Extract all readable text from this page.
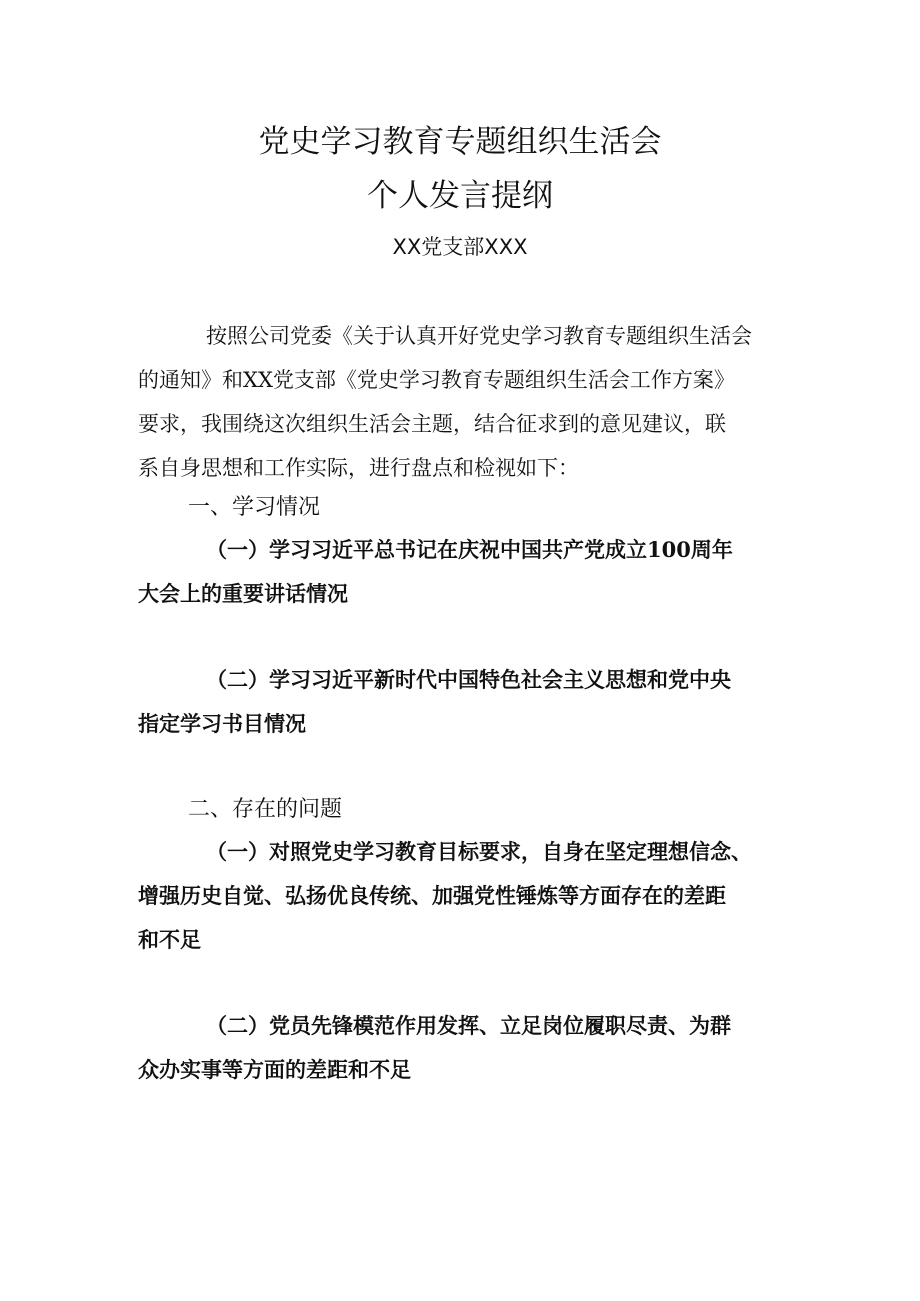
党史学习教育专题组织生活会
个人发言提纲
XX党支部XXX
按照公司党委《关于认真开好党史学习教育专题组织生活会
的通知》和XX党支部《党史学习教育专题组织生活会工作方案》
要求，我围绕这次组织生活会主题，结合征求到的意见建议，联
系自身思想和工作实际，进行盘点和检视如下：
一、学习情况
（一）学习习近平总书记在庆祝中国共产党成立100周年
大会上的重要讲话情况
（二）学习习近平新时代中国特色社会主义思想和党中央
指定学习书目情况
二、存在的问题
（一）对照党史学习教育目标要求，自身在坚定理想信念、
增强历史自觉、弘扬优良传统、加强党性锤炼等方面存在的差距
和不足
（二）党员先锋模范作用发挥、立足岗位履职尽责、为群
众办实事等方面的差距和不足
